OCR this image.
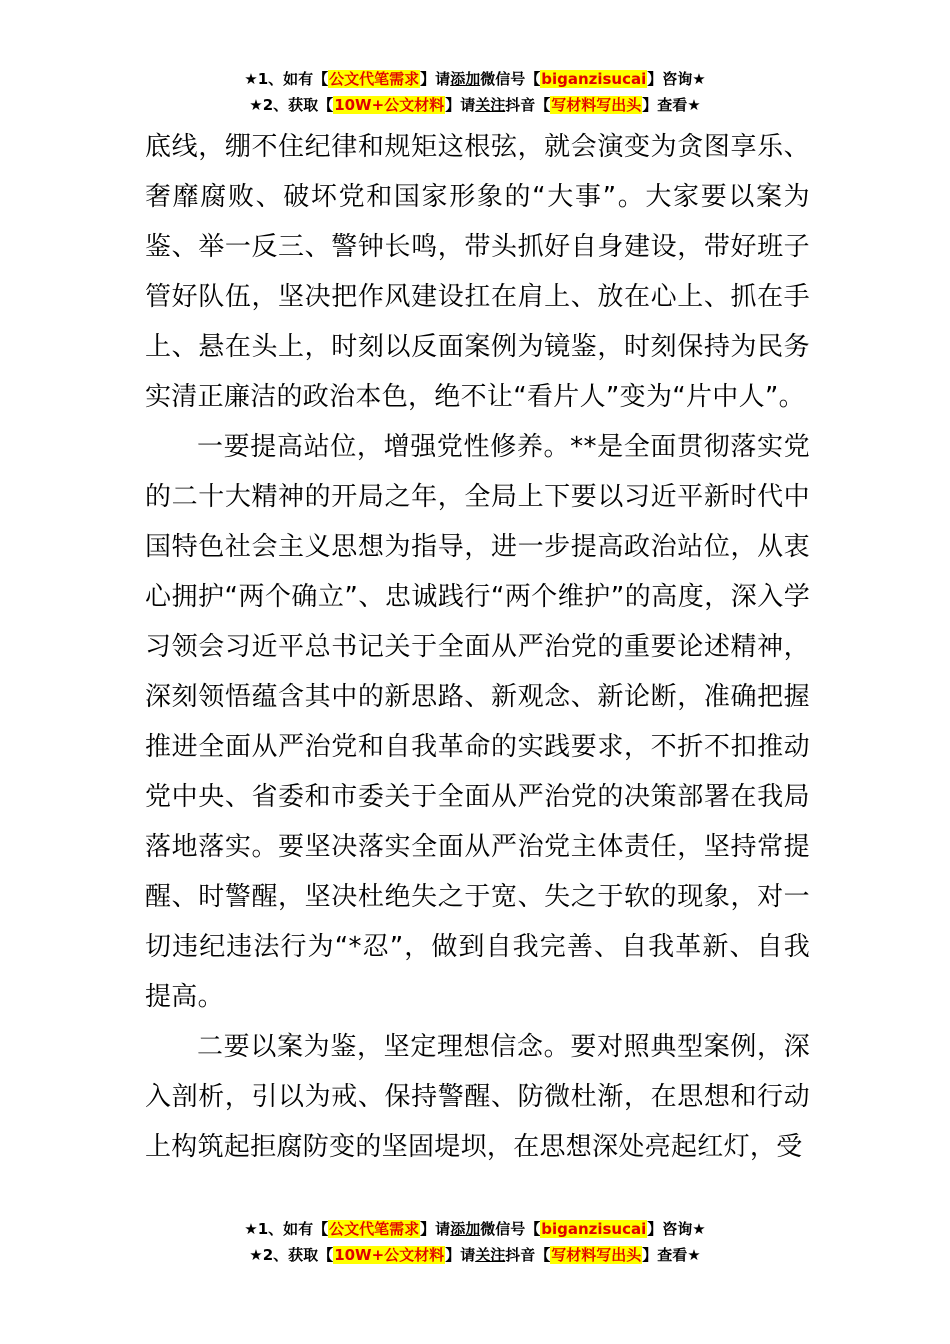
★1、如有【公文代笔需求】请添加微信号【biganzisucai】咨询★
★2、获取【10W+公文材料】请关注抖音【写材料写出头】查看★

底线，绷不住纪律和规矩这根弦，就会演变为贪图享乐、奢靡腐败、破坏党和国家形象的“大事”。大家要以案为鉴、举一反三、警钟长鸣，带头抓好自身建设，带好班子管好队伍，坚决把作风建设扛在肩上、放在心上、抓在手上、悬在头上，时刻以反面案例为镜鉴，时刻保持为民务实清正廉洁的政治本色，绝不让“看片人”变为“片中人”。

一要提高站位，增强党性修养。**是全面贯彻落实党的二十大精神的开局之年，全局上下要以习近平新时代中国特色社会主义思想为指导，进一步提高政治站位，从衷心拥护“两个确立”、忠诚践行“两个维护”的高度，深入学习领会习近平总书记关于全面从严治党的重要论述精神，深刻领悟蕴含其中的新思路、新观念、新论断，准确把握推进全面从严治党和自我革命的实践要求，不折不扣推动党中央、省委和市委关于全面从严治党的决策部署在我局落地落实。要坚决落实全面从严治党主体责任，坚持常提醒、时警醒，坚决杜绝失之于宽、失之于软的现象，对一切违纪违法行为“*忍”，做到自我完善、自我革新、自我提高。

二要以案为鉴，坚定理想信念。要对照典型案例，深入剖析，引以为戒、保持警醒、防微杜渐，在思想和行动上构筑起拒腐防变的坚固堤坝，在思想深处亮起红灯，受

★1、如有【公文代笔需求】请添加微信号【biganzisucai】咨询★
★2、获取【10W+公文材料】请关注抖音【写材料写出头】查看★
